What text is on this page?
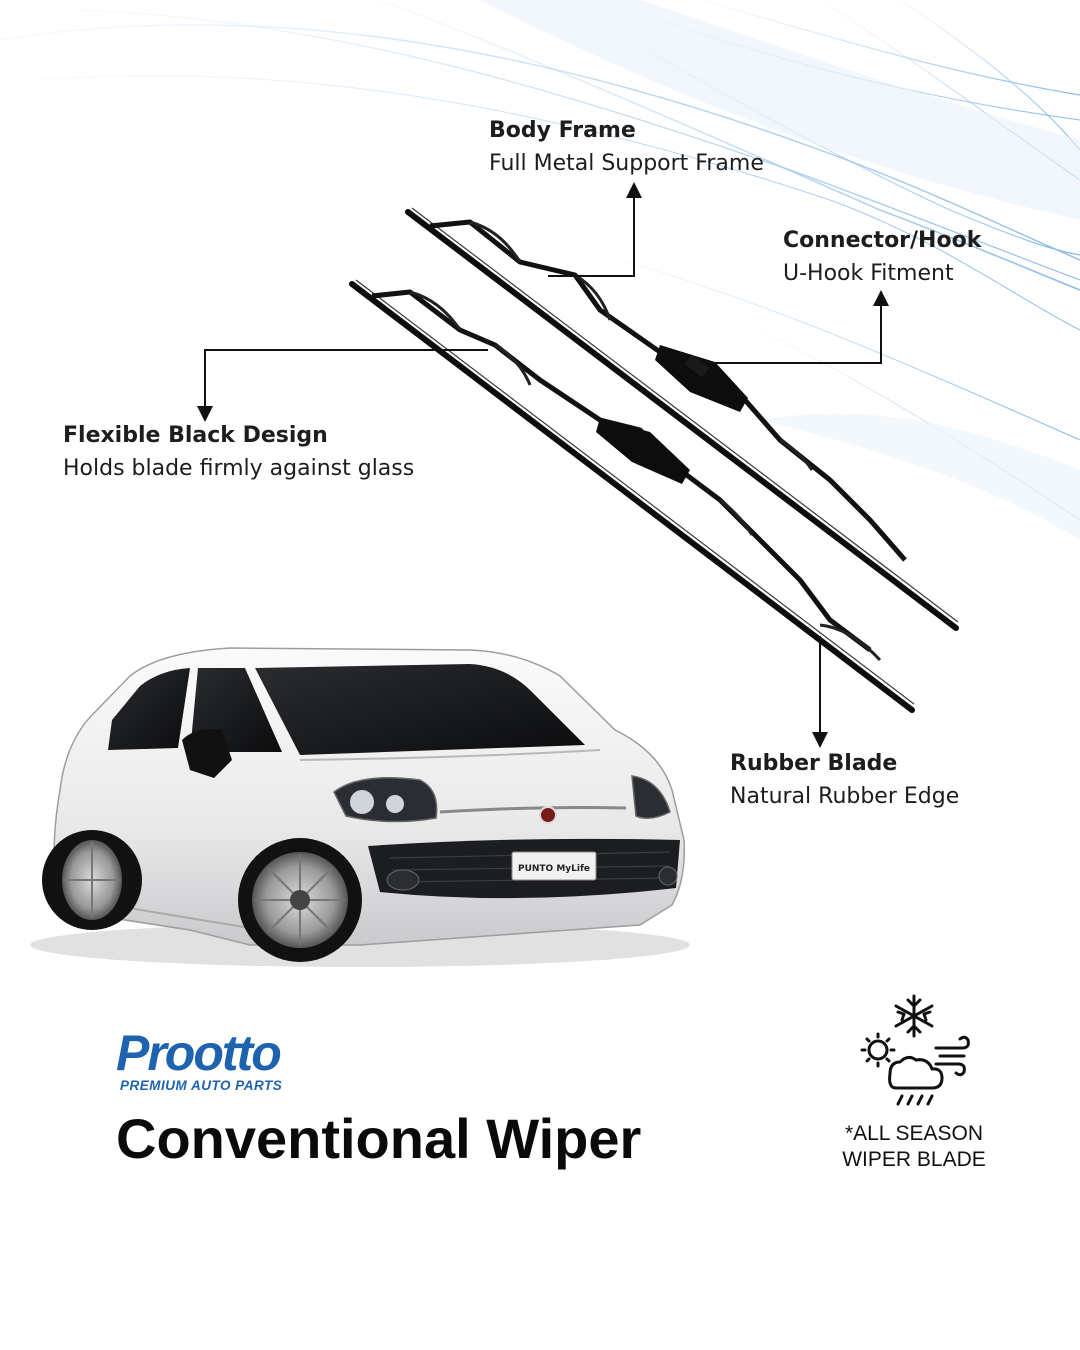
Body Frame
Full Metal Support Frame
Connector/Hook
U-Hook Fitment
Flexible Black Design
Holds blade firmly against glass
Rubber Blade
Natural Rubber Edge
PUNTO MyLife
Prootto
PREMIUM AUTO PARTS
Conventional Wiper	*ALL SEASON
WIPER BLADE
